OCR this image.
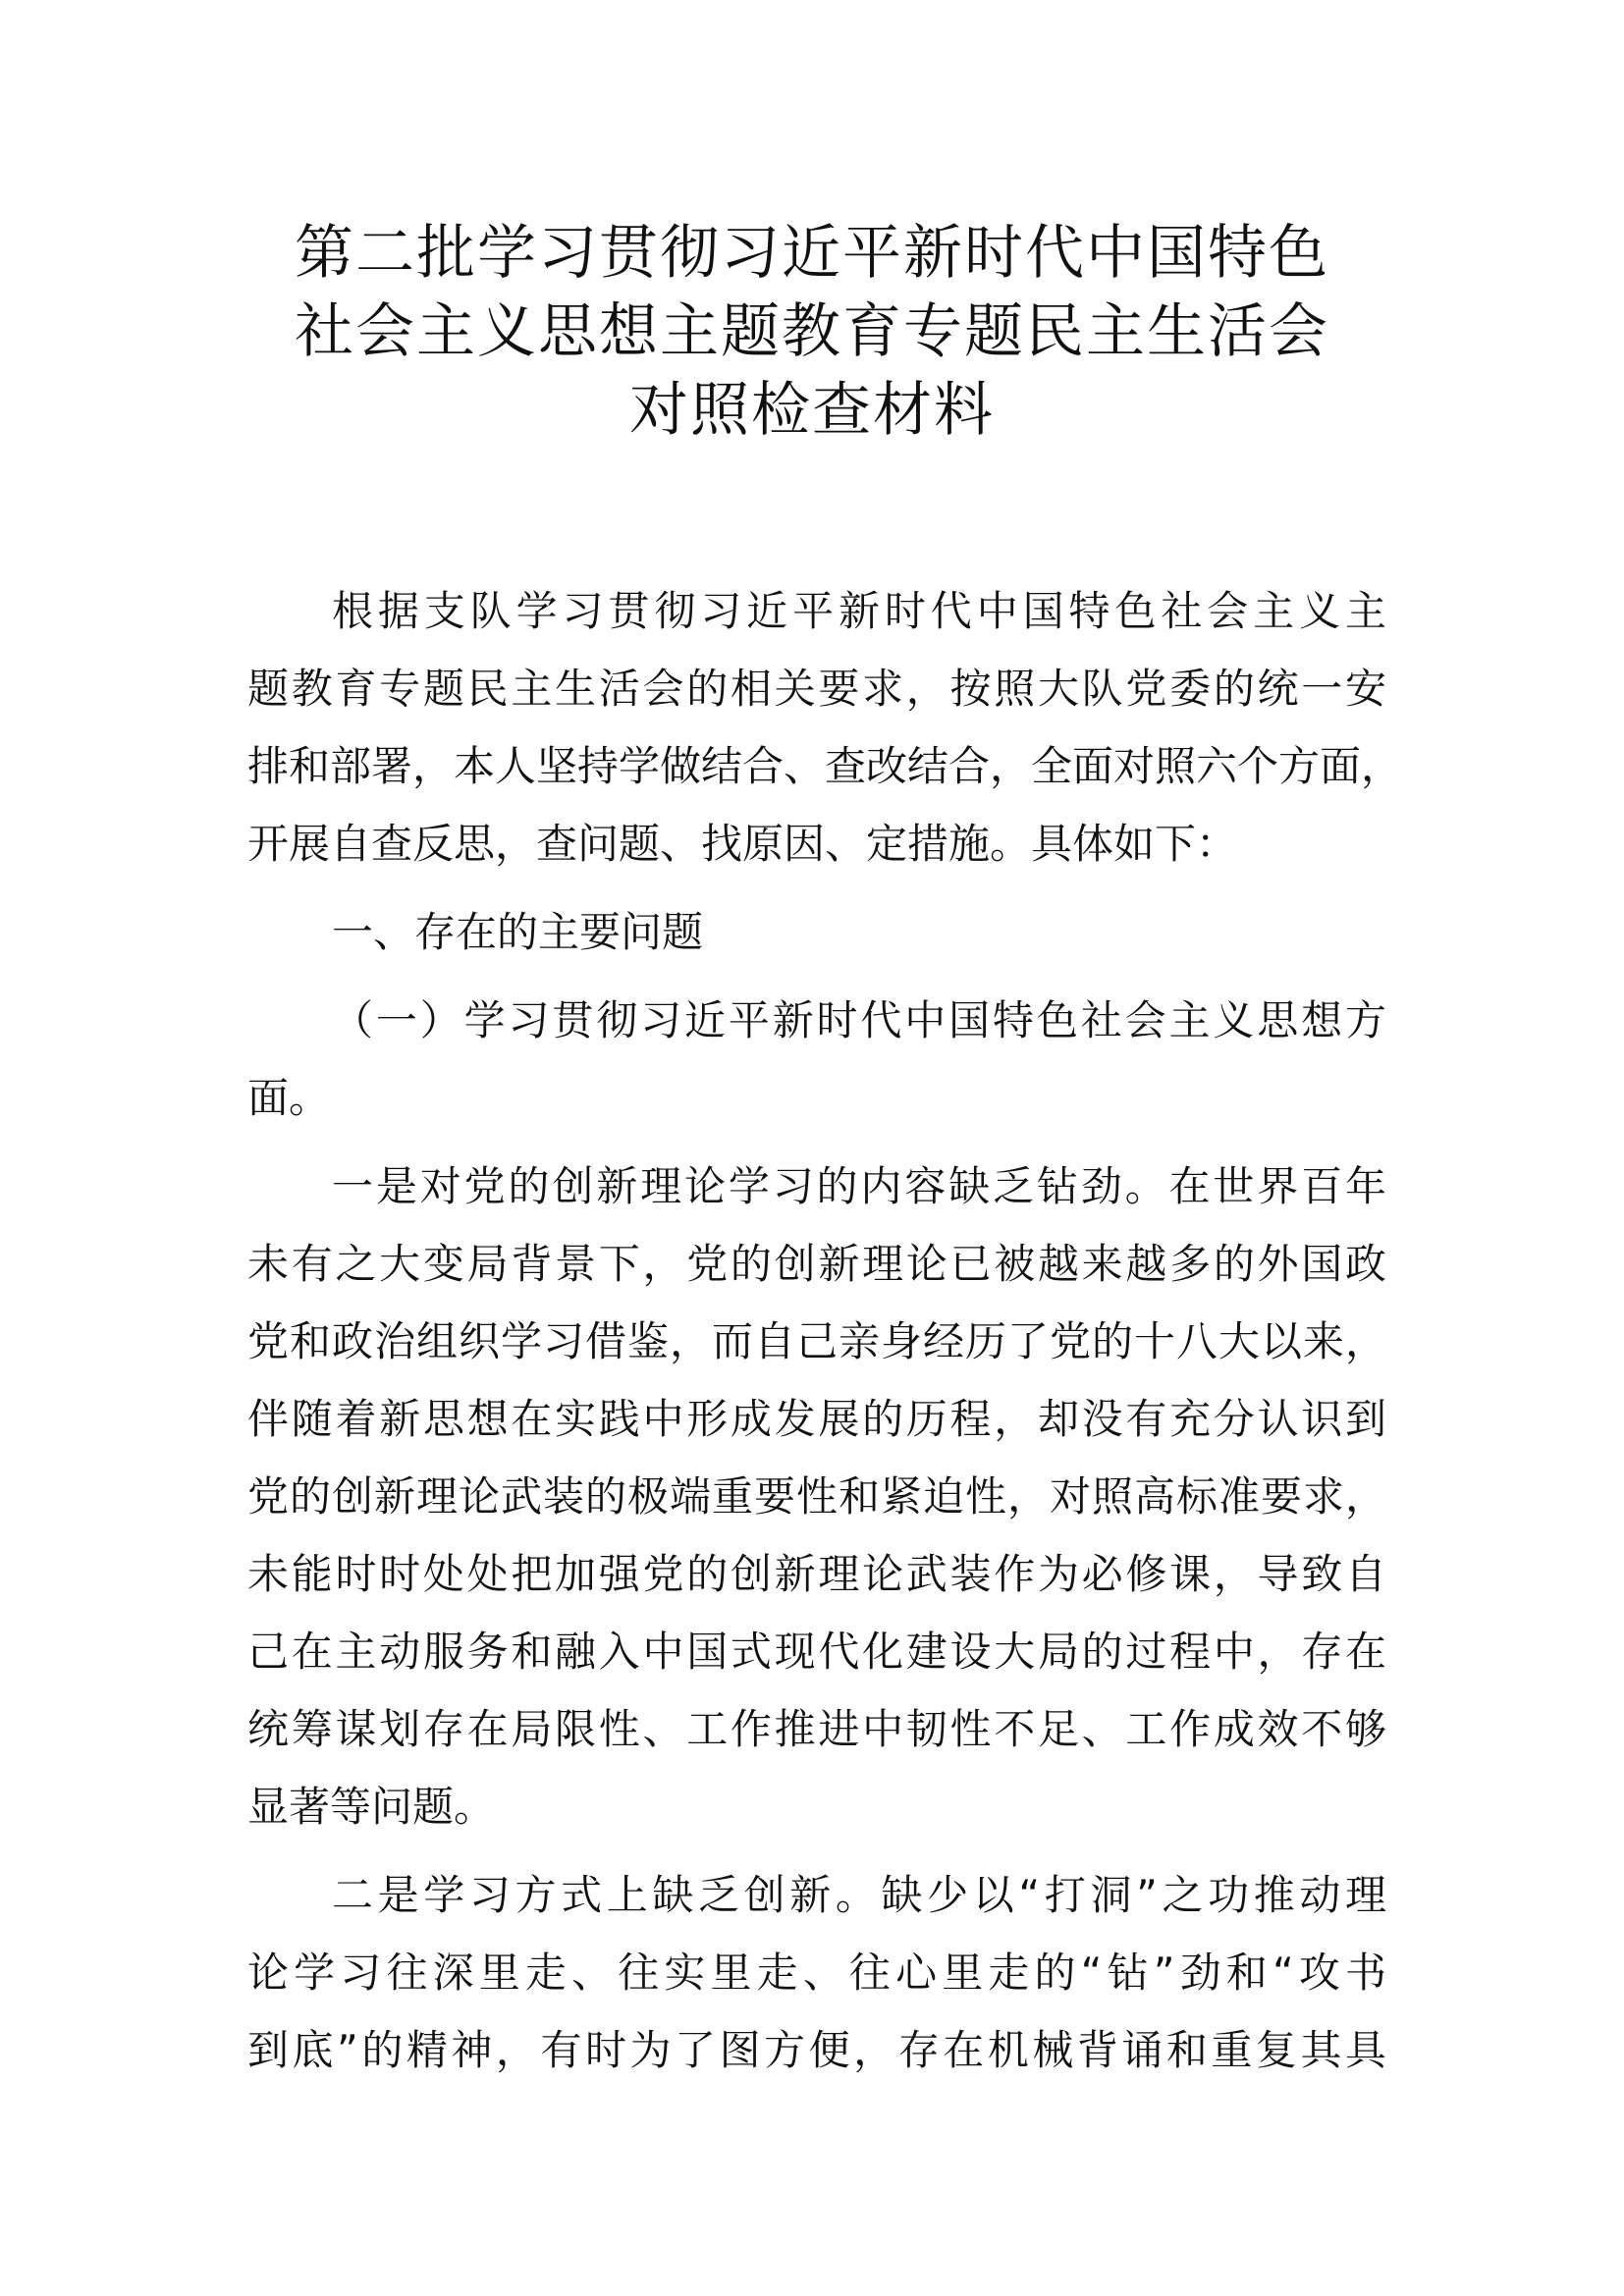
第二批学习贯彻习近平新时代中国特色
社会主义思想主题教育专题民主生活会
对照检查材料
根据支队学习贯彻习近平新时代中国特色社会主义主
题教育专题民主生活会的相关要求，按照大队党委的统一安
排和部署，本人坚持学做结合、查改结合，全面对照六个方面，
开展自查反思，查问题、找原因、定措施。具体如下：
一、存在的主要问题
（一）学习贯彻习近平新时代中国特色社会主义思想方
面。
一是对党的创新理论学习的内容缺乏钻劲。在世界百年
未有之大变局背景下，党的创新理论已被越来越多的外国政
党和政治组织学习借鉴，而自己亲身经历了党的十八大以来，
伴随着新思想在实践中形成发展的历程，却没有充分认识到
党的创新理论武装的极端重要性和紧迫性，对照高标准要求，
未能时时处处把加强党的创新理论武装作为必修课，导致自
己在主动服务和融入中国式现代化建设大局的过程中，存在
统筹谋划存在局限性、工作推进中韧性不足、工作成效不够
显著等问题。
二是学习方式上缺乏创新。缺少以“打洞”之功推动理
论学习往深里走、往实里走、往心里走的“钻”劲和“攻书
到底”的精神，有时为了图方便，存在机械背诵和重复其具
